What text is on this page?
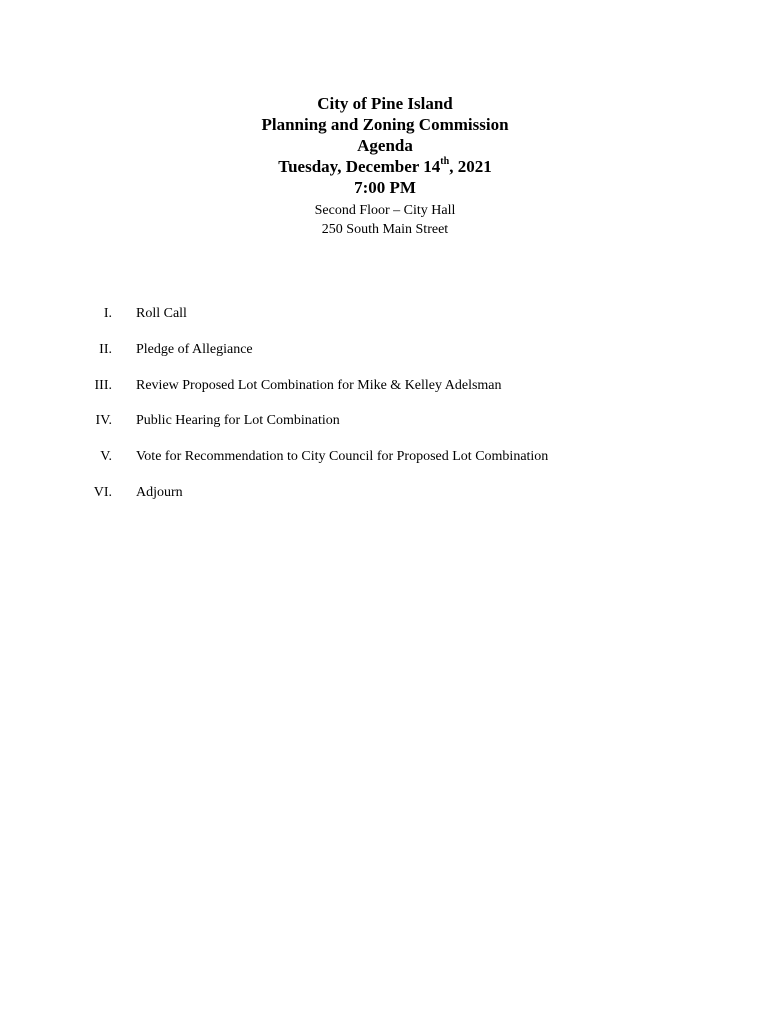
City of Pine Island
Planning and Zoning Commission
Agenda
Tuesday, December 14th, 2021
7:00 PM
Second Floor – City Hall
250 South Main Street
I. Roll Call
II. Pledge of Allegiance
III. Review Proposed Lot Combination for Mike & Kelley Adelsman
IV. Public Hearing for Lot Combination
V. Vote for Recommendation to City Council for Proposed Lot Combination
VI. Adjourn
